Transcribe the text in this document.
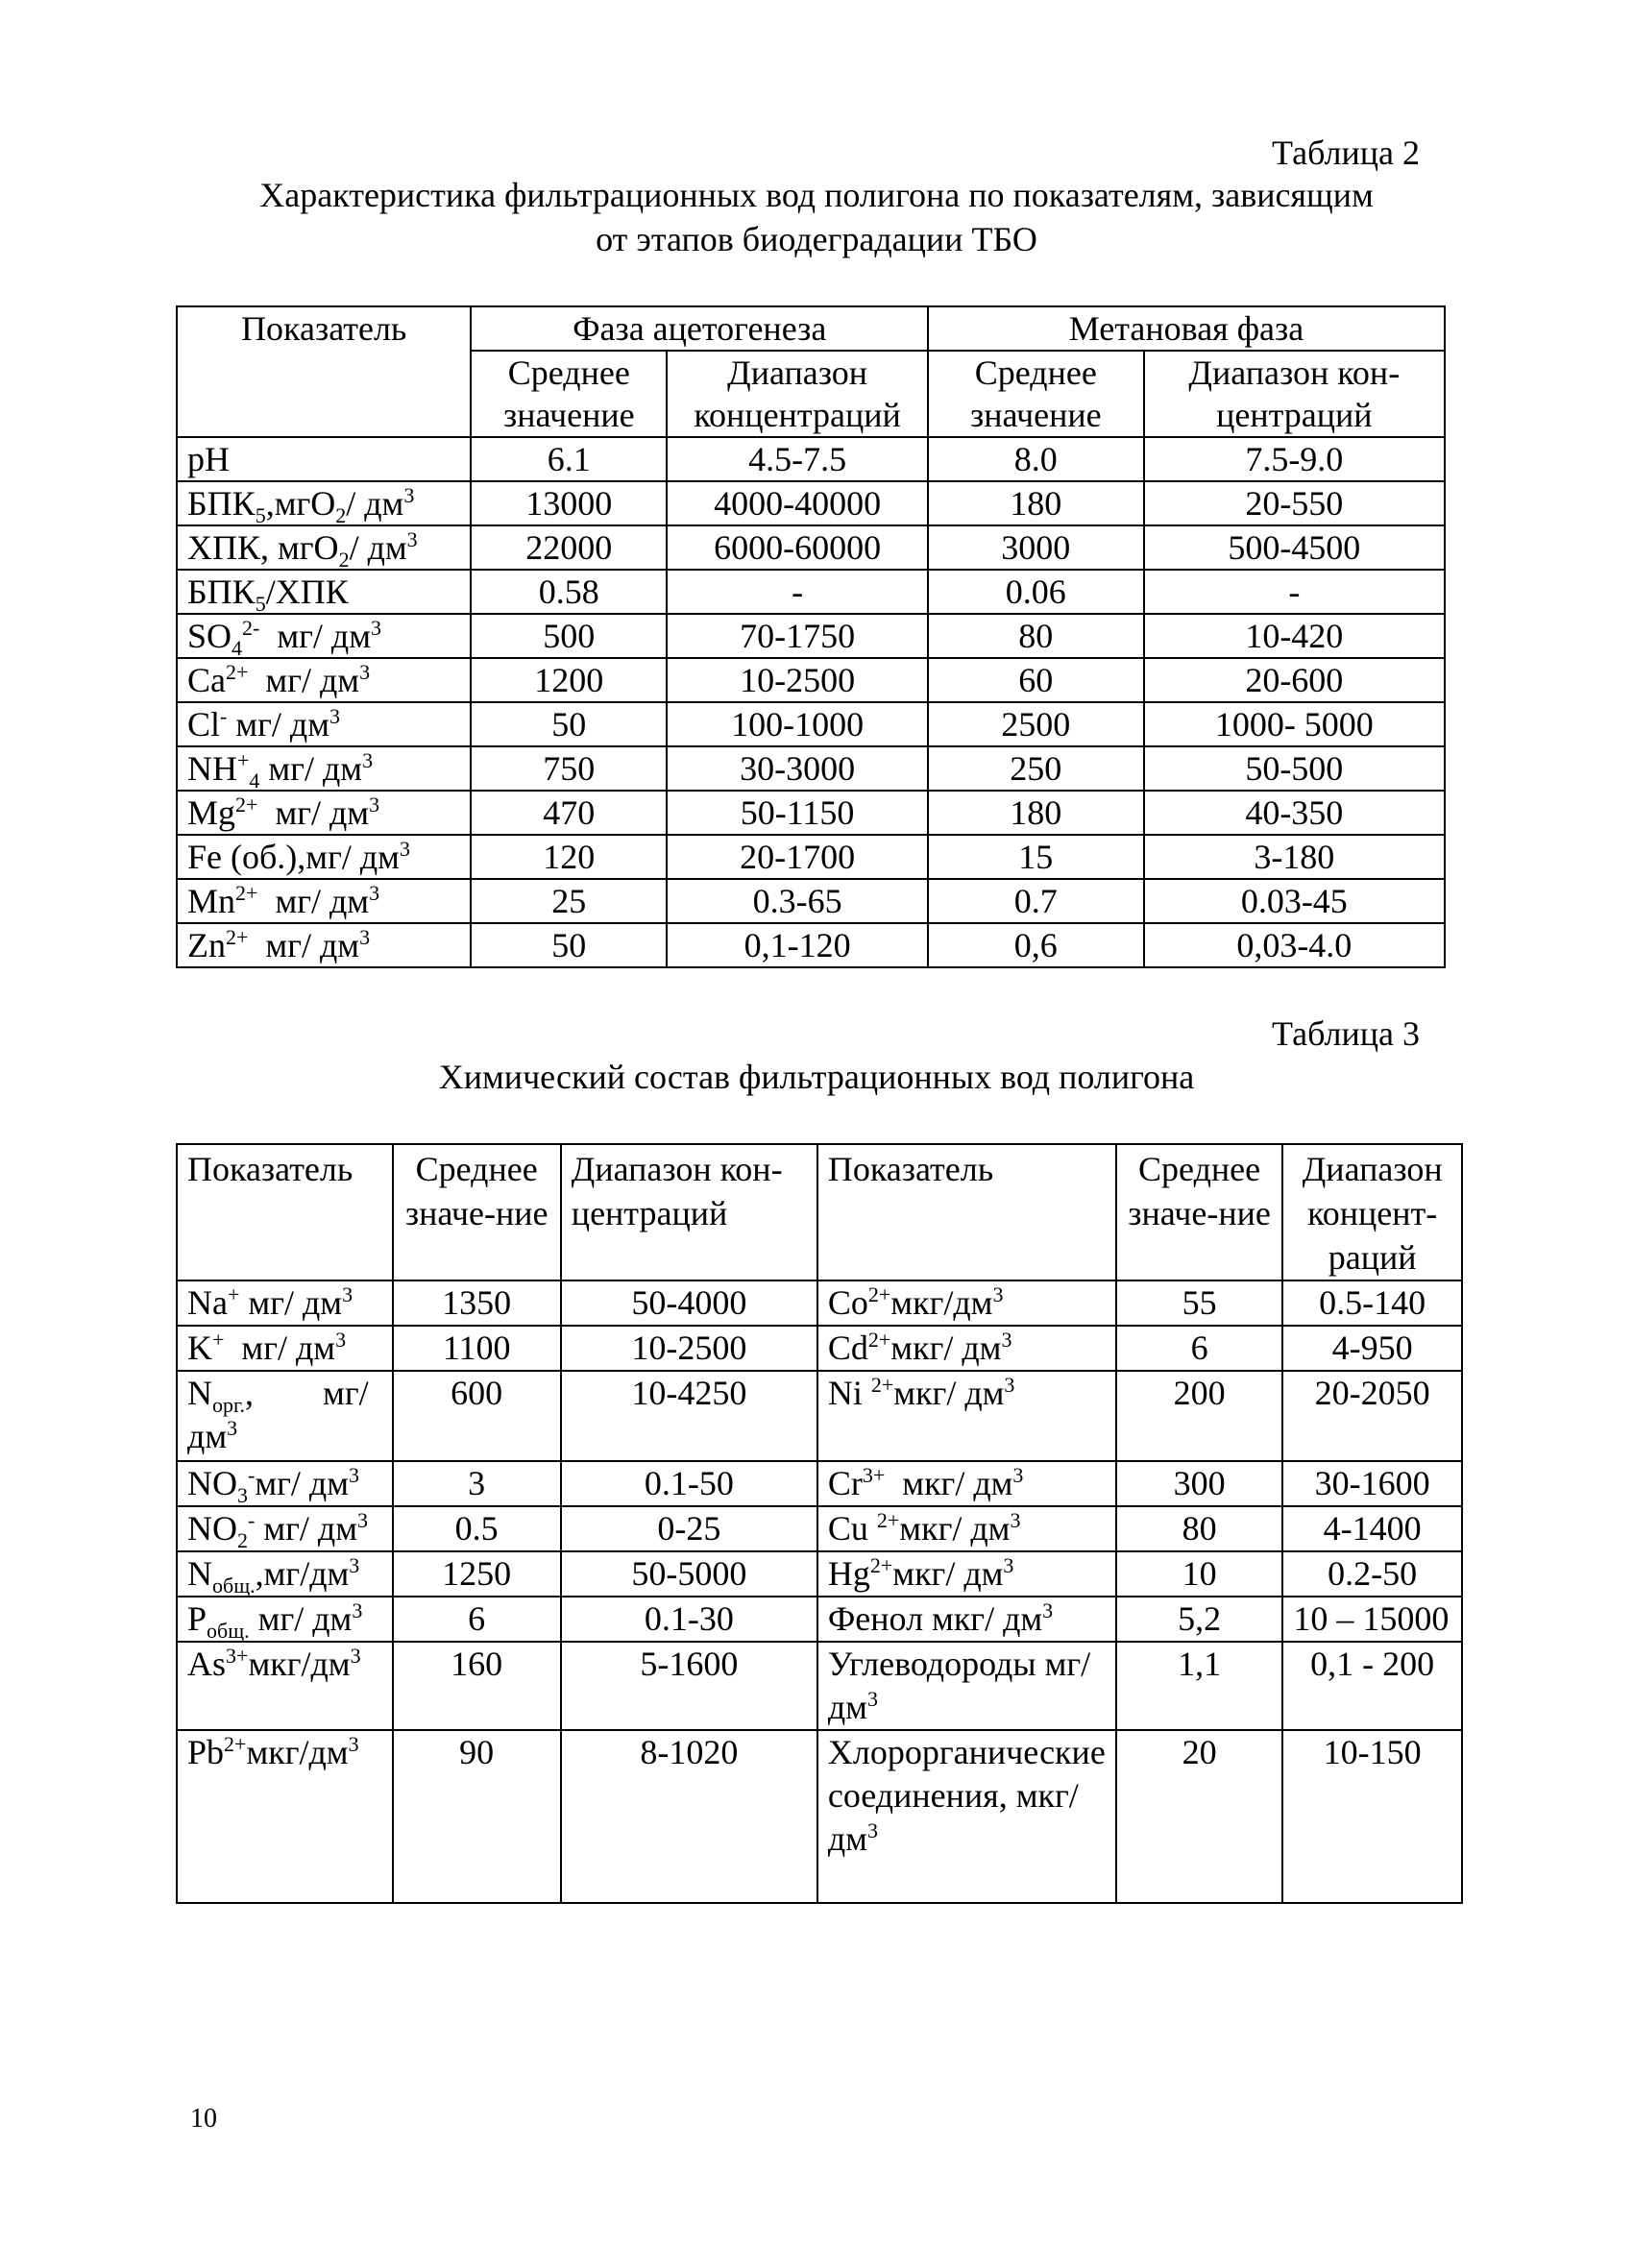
Таблица 2
Характеристика фильтрационных вод полигона по показателям, зависящим
от этапов биодеградации ТБО
Показатель	Фаза ацетогенеза		Метановая фаза	
	Среднее значение	Диапазон концентраций	Среднее значение	Диапазон кон-центраций
pH	6.1	4.5-7.5	8.0	7.5-9.0
$БПК_5,мгО_2/$ $дм^3$	13000	4000-40000	180	20-550
ХПК, мгО$_2$/ $дм^3$	22000	6000-60000	3000	500-4500
$БПК_5$/ХПК	0.58	-	0.06	-
$SO_4^{2-}$  мг/ $дм^3$	500	70-1750	80	10-420
$Ca^{2+}$  мг/ $дм^3$	1200	10-2500	60	20-600
Cl- мг/ $дм^3$	50	100-1000	2500	1000- 5000
$NH^+_4$ мг/ $дм^3$	750	30-3000	250	50-500
$Mg^{2+}$  мг/ $дм^3$	470	50-1150	180	40-350
Fe (об.),мг/ $дм^3$	120	20-1700	15	3-180
$Mn^{2+}$  мг/ $дм^3$	25	0.3-65	0.7	0.03-45
$Zn^{2+}$  мг/ $дм^3$	50	0,1-120	0,6	0,03-4.0
Таблица 3
Химический состав фильтрационных вод полигона
Показатель	Среднее значе-ние	Диапазон кон-центраций	Показатель	Среднее значе-ние	Диапазон концент-раций
Na+ мг/ $дм^3$	1350	50-4000	$Co^{2+}мкг/дм^3$	55	0.5-140
K+  мг/ $дм^3$	1100	10-2500	$Cd^{2+}мкг/$ $дм^3$	6	4-950
$N_{орг.}$,        мг/ $дм^3$	600	10-4250	Ni $^{2+}$мкг/ $дм^3$	200	20-2050
$NO_3^-мг/$ $дм^3$	3	0.1-50	$Cr^{3+}$  мкг/ $дм^3$	300	30-1600
$NO_2^-$ мг/ $дм^3$	0.5	0-25	Cu $^{2+}$мкг/ $дм^3$	80	4-1400
$N_{общ.},мг/дм^3$	1250	50-5000	$Hg^{2+}мкг/$ $дм^3$	10	0.2-50
$P_{общ.}$ мг/ $дм^3$	6	0.1-30	Фенол мкг/ $дм^3$	5,2	10 – 15000
$As^{3+}мкг/дм^3$	160	5-1600	Углеводороды мг/ $дм^3$	1,1	0,1 - 200
$Pb^{2+}мкг/дм^3$	90	8-1020	Хлорорганические соединения, мкг/ $дм^3$	20	10-150
10
